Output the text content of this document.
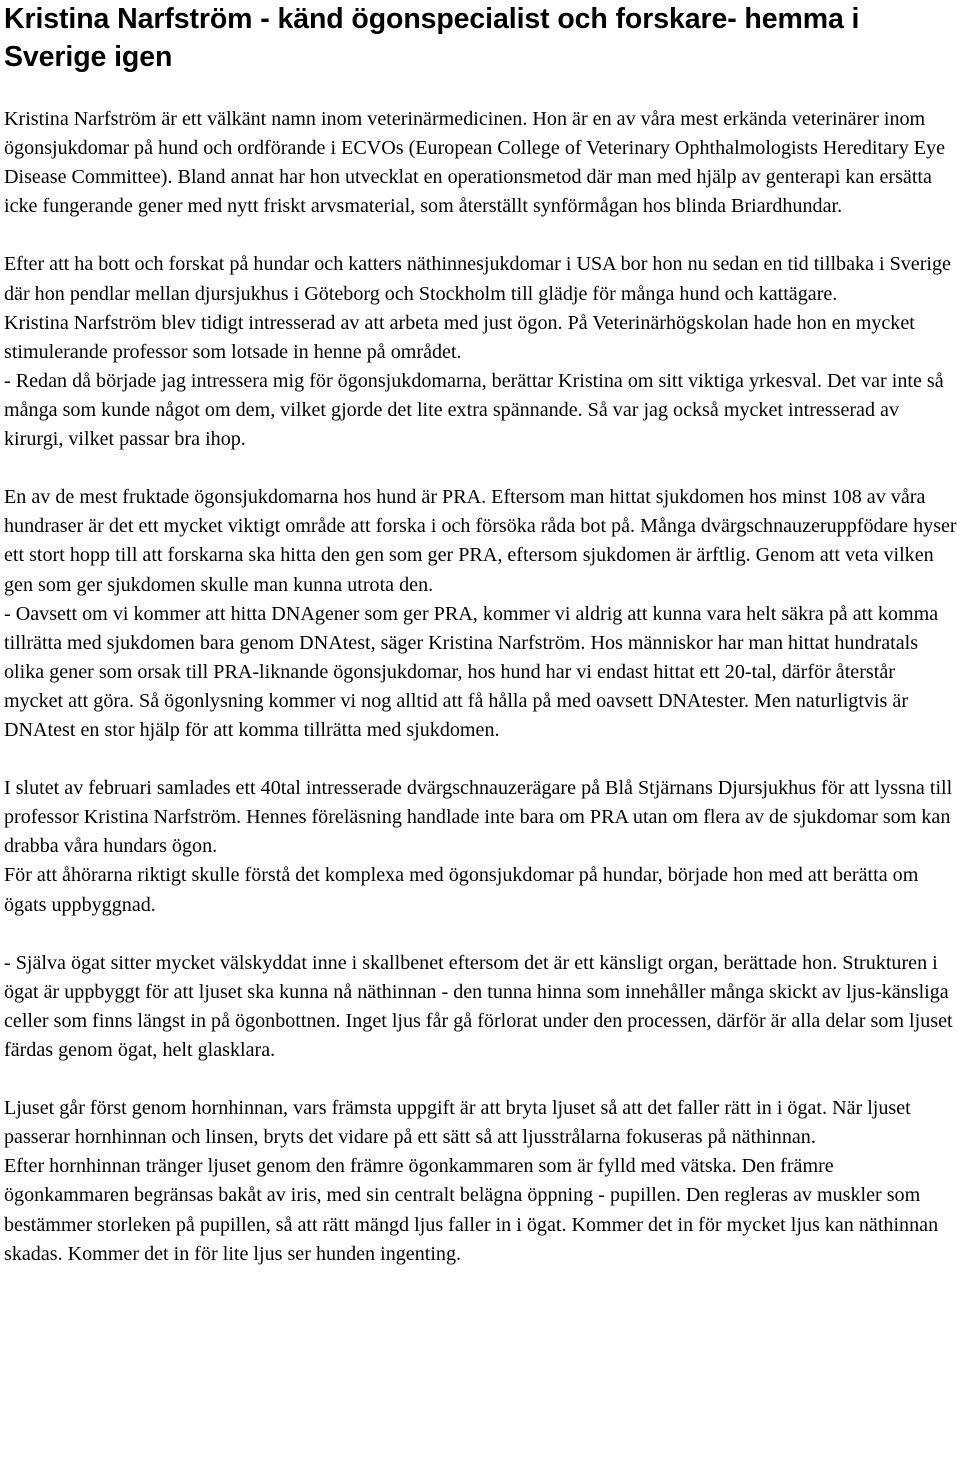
Kristina Narfström - känd ögonspecialist och forskare- hemma i Sverige igen

Kristina Narfström är ett välkänt namn inom veterinärmedicinen. Hon är en av våra mest erkända veterinärer inom ögonsjukdomar på hund och ordförande i ECVOs (European College of Veterinary Ophthalmologists Hereditary Eye Disease Committee). Bland annat har hon utvecklat en operationsmetod där man med hjälp av genterapi kan ersätta icke fungerande gener med nytt friskt arvsmaterial, som återställt synförmågan hos blinda Briardhundar.

Efter att ha bott och forskat på hundar och katters näthinnesjukdomar i USA bor hon nu sedan en tid tillbaka i Sverige där hon pendlar mellan djursjukhus i Göteborg och Stockholm till glädje för många hund och kattägare.

Kristina Narfström blev tidigt intresserad av att arbeta med just ögon. På Veterinärhögskolan hade hon en mycket stimulerande professor som lotsade in henne på området.

- Redan då började jag intressera mig för ögonsjukdomarna, berättar Kristina om sitt viktiga yrkesval. Det var inte så många som kunde något om dem, vilket gjorde det lite extra spännande. Så var jag också mycket intresserad av kirurgi, vilket passar bra ihop.

En av de mest fruktade ögonsjukdomarna hos hund är PRA. Eftersom man hittat sjukdomen hos minst 108 av våra hundraser är det ett mycket viktigt område att forska i och försöka råda bot på. Många dvärgschnauzeruppfödare hyser ett stort hopp till att forskarna ska hitta den gen som ger PRA, eftersom sjukdomen är ärftlig. Genom att veta vilken gen som ger sjukdomen skulle man kunna utrota den.

- Oavsett om vi kommer att hitta DNAgener som ger PRA, kommer vi aldrig att kunna vara helt säkra på att komma tillrätta med sjukdomen bara genom DNAtest, säger Kristina Narfström. Hos människor har man hittat hundratals olika gener som orsak till PRA-liknande ögonsjukdomar, hos hund har vi endast hittat ett 20-tal, därför återstår mycket att göra. Så ögonlysning kommer vi nog alltid att få hålla på med oavsett DNAtester. Men naturligtvis är DNAtest en stor hjälp för att komma tillrätta med sjukdomen.

I slutet av februari samlades ett 40tal intresserade dvärgschnauzerägare på Blå Stjärnans Djursjukhus för att lyssna till professor Kristina Narfström. Hennes föreläsning handlade inte bara om PRA utan om flera av de sjukdomar som kan drabba våra hundars ögon.

För att åhörarna riktigt skulle förstå det komplexa med ögonsjukdomar på hundar, började hon med att berätta om ögats uppbyggnad.

- Själva ögat sitter mycket välskyddat inne i skallbenet eftersom det är ett känsligt organ, berättade hon. Strukturen i ögat är uppbyggt för att ljuset ska kunna nå näthinnan - den tunna hinna som innehåller många skickt av ljus-känsliga celler som finns längst in på ögonbottnen. Inget ljus får gå förlorat under den processen, därför är alla delar som ljuset färdas genom ögat, helt glasklara.

Ljuset går först genom hornhinnan, vars främsta uppgift är att bryta ljuset så att det faller rätt in i ögat. När ljuset passerar hornhinnan och linsen, bryts det vidare på ett sätt så att ljusstrålarna fokuseras på näthinnan.

Efter hornhinnan tränger ljuset genom den främre ögonkammaren som är fylld med vätska. Den främre ögonkammaren begränsas bakåt av iris, med sin centralt belägna öppning - pupillen. Den regleras av muskler som bestämmer storleken på pupillen, så att rätt mängd ljus faller in i ögat. Kommer det in för mycket ljus kan näthinnan skadas. Kommer det in för lite ljus ser hunden ingenting.
